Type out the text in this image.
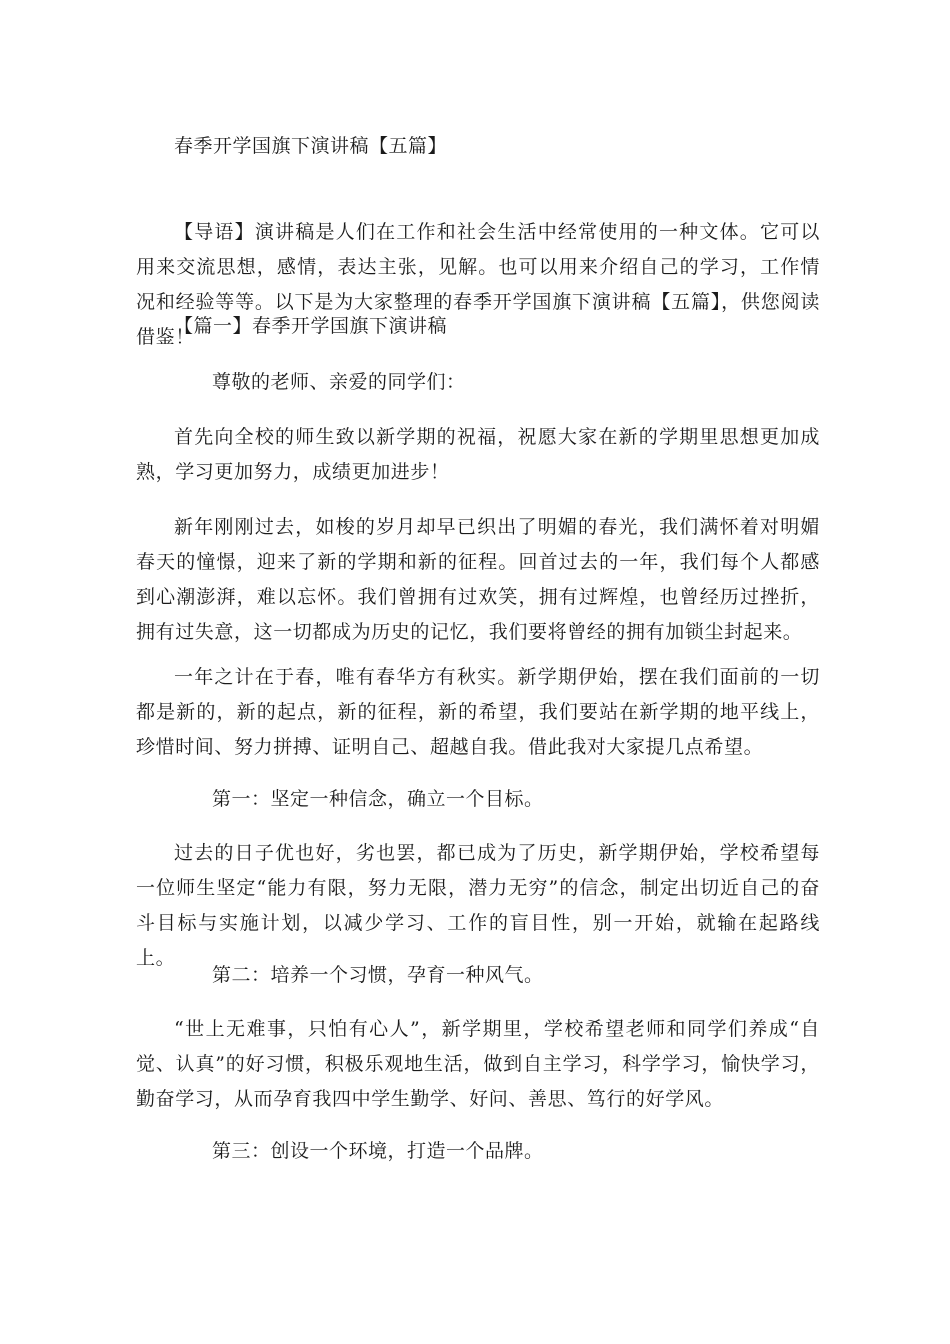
春季开学国旗下演讲稿【五篇】
【导语】演讲稿是人们在工作和社会生活中经常使用的一种文体。它可以用来交流思想，感情，表达主张，见解。也可以用来介绍自己的学习，工作情况和经验等等。以下是为大家整理的春季开学国旗下演讲稿【五篇】，供您阅读借鉴！
【篇一】春季开学国旗下演讲稿
尊敬的老师、亲爱的同学们：
首先向全校的师生致以新学期的祝福，祝愿大家在新的学期里思想更加成熟，学习更加努力，成绩更加进步！
新年刚刚过去，如梭的岁月却早已织出了明媚的春光，我们满怀着对明媚春天的憧憬，迎来了新的学期和新的征程。回首过去的一年，我们每个人都感到心潮澎湃，难以忘怀。我们曾拥有过欢笑，拥有过辉煌，也曾经历过挫折，拥有过失意，这一切都成为历史的记忆，我们要将曾经的拥有加锁尘封起来。
一年之计在于春，唯有春华方有秋实。新学期伊始，摆在我们面前的一切都是新的，新的起点，新的征程，新的希望，我们要站在新学期的地平线上，珍惜时间、努力拼搏、证明自己、超越自我。借此我对大家提几点希望。
第一：坚定一种信念，确立一个目标。
过去的日子优也好，劣也罢，都已成为了历史，新学期伊始，学校希望每一位师生坚定“能力有限，努力无限，潜力无穷”的信念，制定出切近自己的奋斗目标与实施计划，以减少学习、工作的盲目性，别一开始，就输在起路线上。
第二：培养一个习惯，孕育一种风气。
“世上无难事，只怕有心人”，新学期里，学校希望老师和同学们养成“自觉、认真”的好习惯，积极乐观地生活，做到自主学习，科学学习，愉快学习，勤奋学习，从而孕育我四中学生勤学、好问、善思、笃行的好学风。
第三：创设一个环境，打造一个品牌。
